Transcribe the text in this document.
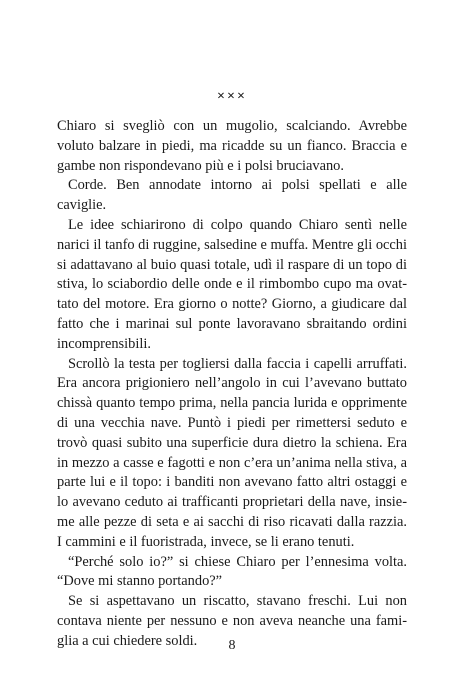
×××

Chiaro si svegliò con un mugolio, scalciando. Avrebbe voluto balzare in piedi, ma ricadde su un fianco. Braccia e gambe non rispondevano più e i polsi bruciavano.

Corde. Ben annodate intorno ai polsi spellati e alle caviglie.

Le idee schiarirono di colpo quando Chiaro sentì nelle narici il tanfo di ruggine, salsedine e muffa. Mentre gli occhi si adattavano al buio quasi totale, udì il raspare di un topo di stiva, lo sciabordio delle onde e il rimbombo cupo ma ovattato del motore. Era giorno o notte? Giorno, a giudicare dal fatto che i marinai sul ponte lavoravano sbraitando ordini incomprensibili.

Scrollò la testa per togliersi dalla faccia i capelli arruffati. Era ancora prigioniero nell’angolo in cui l’avevano buttato chissà quanto tempo prima, nella pancia lurida e opprimente di una vecchia nave. Puntò i piedi per rimettersi seduto e trovò quasi subito una superficie dura dietro la schiena. Era in mezzo a casse e fagotti e non c’era un’anima nella stiva, a parte lui e il topo: i banditi non avevano fatto altri ostaggi e lo avevano ceduto ai trafficanti proprietari della nave, insieme alle pezze di seta e ai sacchi di riso ricavati dalla razzia. I cammini e il fuoristrada, invece, se li erano tenuti.

“Perché solo io?” si chiese Chiaro per l’ennesima volta. “Dove mi stanno portando?”

Se si aspettavano un riscatto, stavano freschi. Lui non contava niente per nessuno e non aveva neanche una famiglia a cui chiedere soldi.	8
